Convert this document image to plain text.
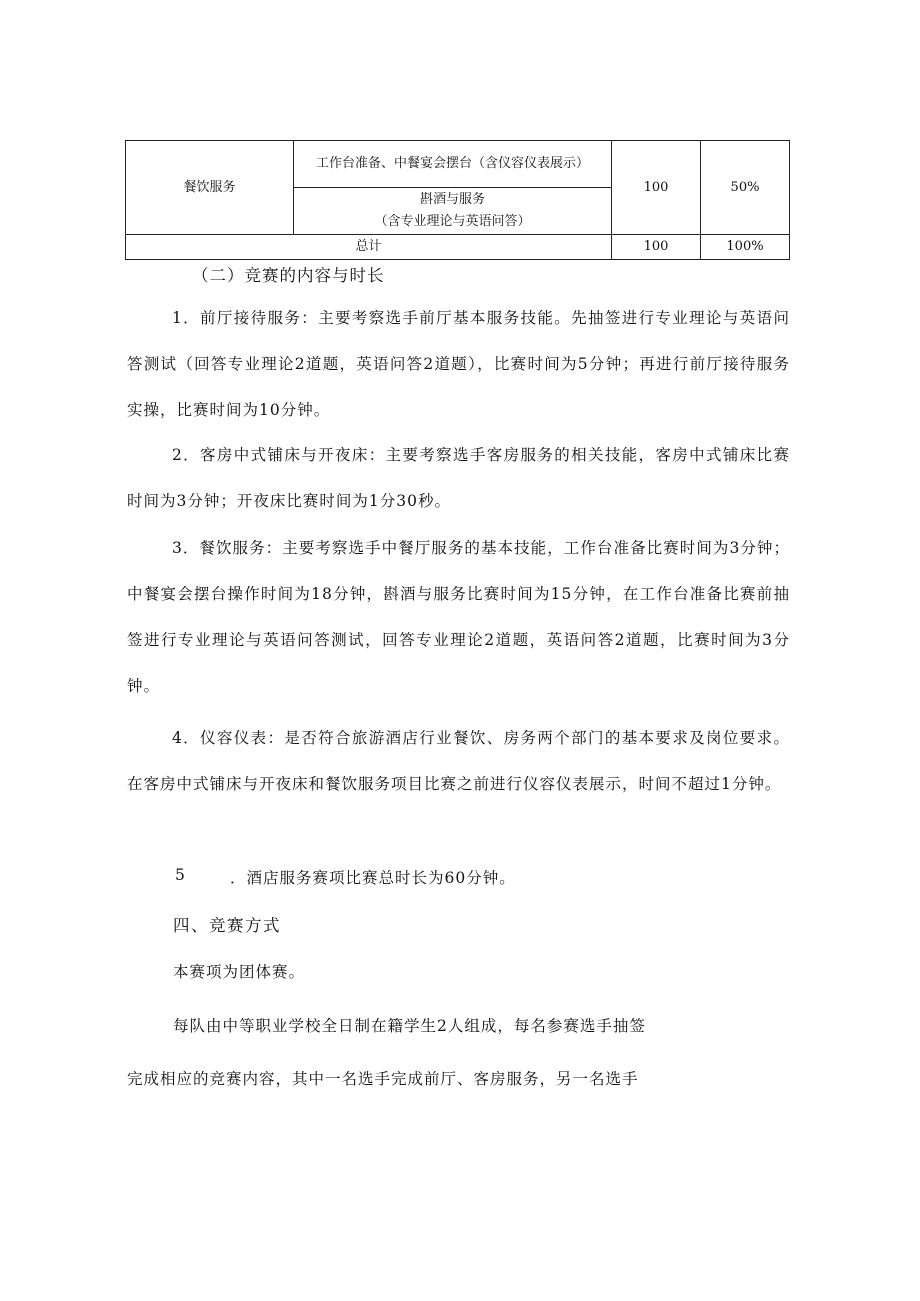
餐饮服务	工作台准备、中餐宴会摆台（含仪容仪表展示）	100	50%

	斟酒与服务
（含专业理论与英语问答）		

总计		100	100%
（二）竞赛的内容与时长

1．前厅接待服务：主要考察选手前厅基本服务技能。先抽签进行专业理论与英语问答测试（回答专业理论2道题，英语问答2道题），比赛时间为5分钟；再进行前厅接待服务实操，比赛时间为10分钟。

2．客房中式铺床与开夜床：主要考察选手客房服务的相关技能，客房中式铺床比赛时间为3分钟；开夜床比赛时间为1分30秒。

3．餐饮服务：主要考察选手中餐厅服务的基本技能，工作台准备比赛时间为3分钟；中餐宴会摆台操作时间为18分钟，斟酒与服务比赛时间为15分钟，在工作台准备比赛前抽签进行专业理论与英语问答测试，回答专业理论2道题，英语问答2道题，比赛时间为3分钟。

4．仪容仪表：是否符合旅游酒店行业餐饮、房务两个部门的基本要求及岗位要求。在客房中式铺床与开夜床和餐饮服务项目比赛之前进行仪容仪表展示，时间不超过1分钟。

5	．酒店服务赛项比赛总时长为60分钟。
四、竞赛方式
本赛项为团体赛。
每队由中等职业学校全日制在籍学生2人组成，每名参赛选手抽签
完成相应的竞赛内容，其中一名选手完成前厅、客房服务，另一名选手
